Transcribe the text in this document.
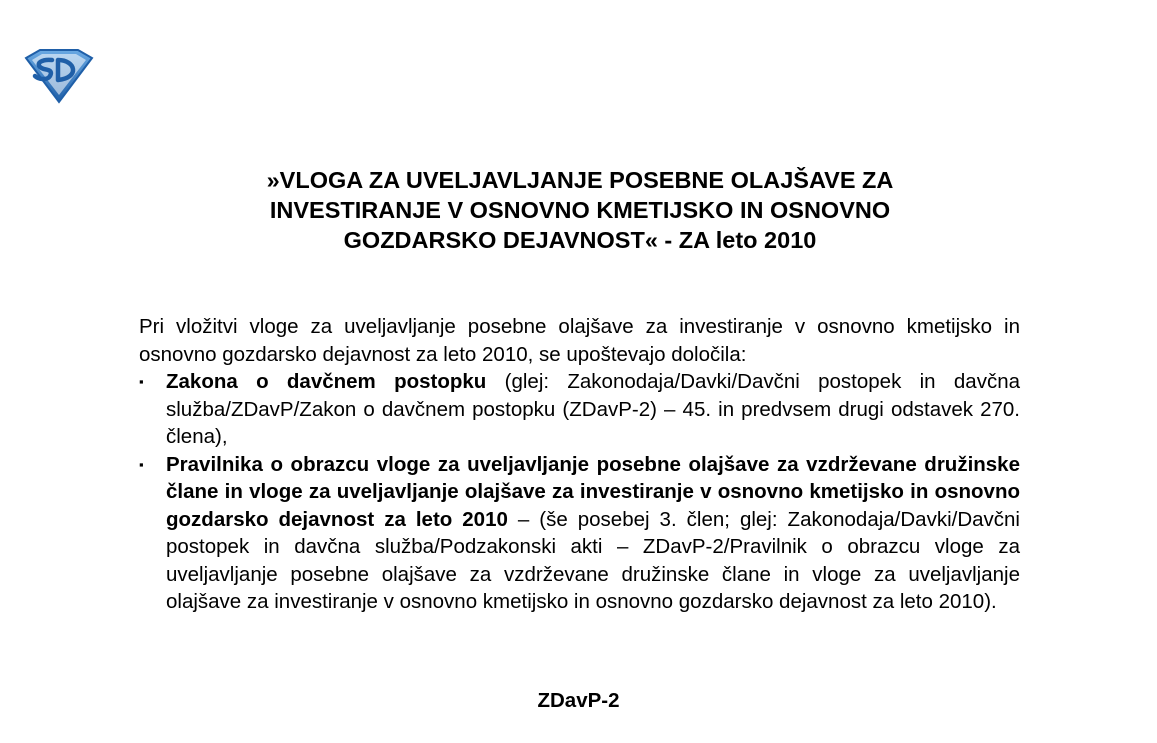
»VLOGA ZA UVELJAVLJANJE POSEBNE OLAJŠAVE ZA
INVESTIRANJE V OSNOVNO KMETIJSKO IN OSNOVNO
GOZDARSKO DEJAVNOST« - ZA leto 2010

Pri vložitvi vloge za uveljavljanje posebne olajšave za investiranje v osnovno kmetijsko in osnovno gozdarsko dejavnost za leto 2010, se upoštevajo določila:

▪ Zakona o davčnem postopku (glej: Zakonodaja/Davki/Davčni postopek in davčna služba/ZDavP/Zakon o davčnem postopku (ZDavP-2) – 45. in predvsem drugi odstavek 270. člena),
▪ Pravilnika o obrazcu vloge za uveljavljanje posebne olajšave za vzdrževane družinske člane in vloge za uveljavljanje olajšave za investiranje v osnovno kmetijsko in osnovno gozdarsko dejavnost za leto 2010 – (še posebej 3. člen; glej: Zakonodaja/Davki/Davčni postopek in davčna služba/Podzakonski akti – ZDavP-2/Pravilnik o obrazcu vloge za uveljavljanje posebne olajšave za vzdrževane družinske člane in vloge za uveljavljanje olajšave za investiranje v osnovno kmetijsko in osnovno gozdarsko dejavnost za leto 2010).
ZDavP-2
